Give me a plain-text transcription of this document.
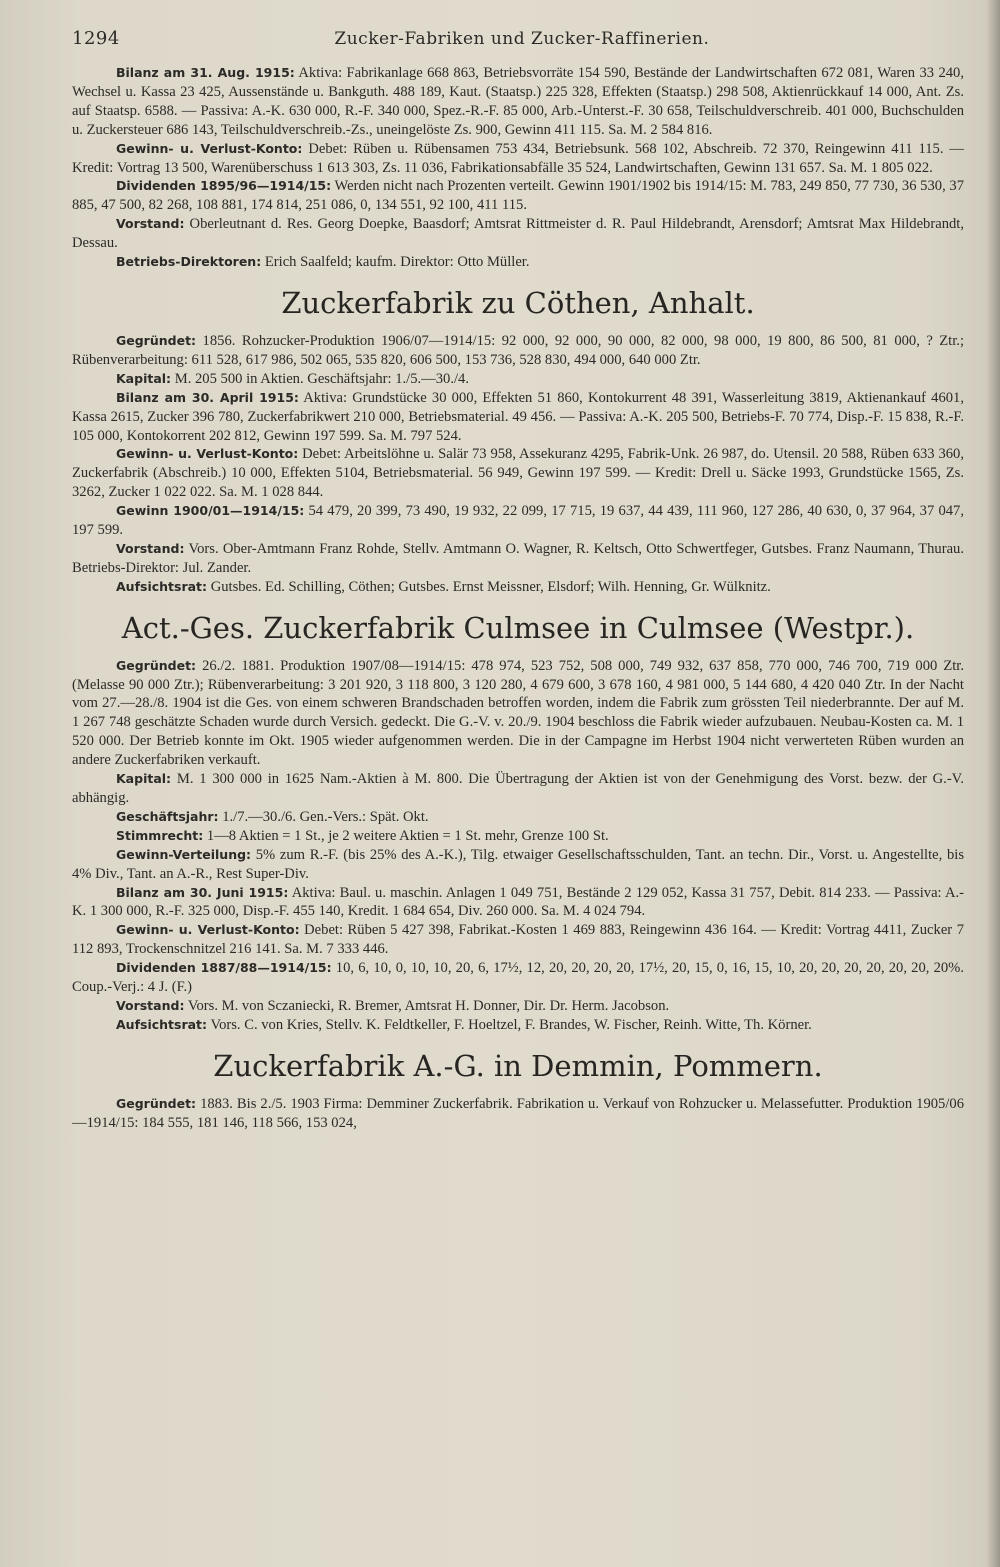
1294	Zucker-Fabriken und Zucker-Raffinerien.

Bilanz am 31. Aug. 1915: Aktiva: Fabrikanlage 668 863, Betriebsvorräte 154 590, Bestände der Landwirtschaften 672 081, Waren 33 240, Wechsel u. Kassa 23 425, Aussenstände u. Bankguth. 488 189, Kaut. (Staatsp.) 225 328, Effekten (Staatsp.) 298 508, Aktienrückkauf 14 000, Ant. Zs. auf Staatsp. 6588. — Passiva: A.-K. 630 000, R.-F. 340 000, Spez.-R.-F. 85 000, Arb.-Unterst.-F. 30 658, Teilschuldverschreib. 401 000, Buchschulden u. Zuckersteuer 686 143, Teilschuldverschreib.-Zs., uneingelöste Zs. 900, Gewinn 411 115. Sa. M. 2 584 816.

Gewinn- u. Verlust-Konto: Debet: Rüben u. Rübensamen 753 434, Betriebsunk. 568 102, Abschreib. 72 370, Reingewinn 411 115. — Kredit: Vortrag 13 500, Warenüberschuss 1 613 303, Zs. 11 036, Fabrikationsabfälle 35 524, Landwirtschaften, Gewinn 131 657. Sa. M. 1 805 022.

Dividenden 1895/96—1914/15: Werden nicht nach Prozenten verteilt. Gewinn 1901/1902 bis 1914/15: M. 783, 249 850, 77 730, 36 530, 37 885, 47 500, 82 268, 108 881, 174 814, 251 086, 0, 134 551, 92 100, 411 115.

Vorstand: Oberleutnant d. Res. Georg Doepke, Baasdorf; Amtsrat Rittmeister d. R. Paul Hildebrandt, Arensdorf; Amtsrat Max Hildebrandt, Dessau.

Betriebs-Direktoren: Erich Saalfeld; kaufm. Direktor: Otto Müller.

Zuckerfabrik zu Cöthen, Anhalt.

Gegründet: 1856. Rohzucker-Produktion 1906/07—1914/15: 92 000, 92 000, 90 000, 82 000, 98 000, 19 800, 86 500, 81 000, ? Ztr.; Rübenverarbeitung: 611 528, 617 986, 502 065, 535 820, 606 500, 153 736, 528 830, 494 000, 640 000 Ztr.

Kapital: M. 205 500 in Aktien. Geschäftsjahr: 1./5.—30./4.

Bilanz am 30. April 1915: Aktiva: Grundstücke 30 000, Effekten 51 860, Kontokurrent 48 391, Wasserleitung 3819, Aktienankauf 4601, Kassa 2615, Zucker 396 780, Zuckerfabrikwert 210 000, Betriebsmaterial. 49 456. — Passiva: A.-K. 205 500, Betriebs-F. 70 774, Disp.-F. 15 838, R.-F. 105 000, Kontokorrent 202 812, Gewinn 197 599. Sa. M. 797 524.

Gewinn- u. Verlust-Konto: Debet: Arbeitslöhne u. Salär 73 958, Assekuranz 4295, Fabrik-Unk. 26 987, do. Utensil. 20 588, Rüben 633 360, Zuckerfabrik (Abschreib.) 10 000, Effekten 5104, Betriebsmaterial. 56 949, Gewinn 197 599. — Kredit: Drell u. Säcke 1993, Grundstücke 1565, Zs. 3262, Zucker 1 022 022. Sa. M. 1 028 844.

Gewinn 1900/01—1914/15: 54 479, 20 399, 73 490, 19 932, 22 099, 17 715, 19 637, 44 439, 111 960, 127 286, 40 630, 0, 37 964, 37 047, 197 599.

Vorstand: Vors. Ober-Amtmann Franz Rohde, Stellv. Amtmann O. Wagner, R. Keltsch, Otto Schwertfeger, Gutsbes. Franz Naumann, Thurau. Betriebs-Direktor: Jul. Zander.

Aufsichtsrat: Gutsbes. Ed. Schilling, Cöthen; Gutsbes. Ernst Meissner, Elsdorf; Wilh. Henning, Gr. Wülknitz.

Act.-Ges. Zuckerfabrik Culmsee in Culmsee (Westpr.).

Gegründet: 26./2. 1881. Produktion 1907/08—1914/15: 478 974, 523 752, 508 000, 749 932, 637 858, 770 000, 746 700, 719 000 Ztr. (Melasse 90 000 Ztr.); Rübenverarbeitung: 3 201 920, 3 118 800, 3 120 280, 4 679 600, 3 678 160, 4 981 000, 5 144 680, 4 420 040 Ztr. In der Nacht vom 27.—28./8. 1904 ist die Ges. von einem schweren Brandschaden betroffen worden, indem die Fabrik zum grössten Teil niederbrannte. Der auf M. 1 267 748 geschätzte Schaden wurde durch Versich. gedeckt. Die G.-V. v. 20./9. 1904 beschloss die Fabrik wieder aufzubauen. Neubau-Kosten ca. M. 1 520 000. Der Betrieb konnte im Okt. 1905 wieder aufgenommen werden. Die in der Campagne im Herbst 1904 nicht verwerteten Rüben wurden an andere Zuckerfabriken verkauft.

Kapital: M. 1 300 000 in 1625 Nam.-Aktien à M. 800. Die Übertragung der Aktien ist von der Genehmigung des Vorst. bezw. der G.-V. abhängig.

Geschäftsjahr: 1./7.—30./6. Gen.-Vers.: Spät. Okt.

Stimmrecht: 1—8 Aktien = 1 St., je 2 weitere Aktien = 1 St. mehr, Grenze 100 St.

Gewinn-Verteilung: 5% zum R.-F. (bis 25% des A.-K.), Tilg. etwaiger Gesellschaftsschulden, Tant. an techn. Dir., Vorst. u. Angestellte, bis 4% Div., Tant. an A.-R., Rest Super-Div.

Bilanz am 30. Juni 1915: Aktiva: Baul. u. maschin. Anlagen 1 049 751, Bestände 2 129 052, Kassa 31 757, Debit. 814 233. — Passiva: A.-K. 1 300 000, R.-F. 325 000, Disp.-F. 455 140, Kredit. 1 684 654, Div. 260 000. Sa. M. 4 024 794.

Gewinn- u. Verlust-Konto: Debet: Rüben 5 427 398, Fabrikat.-Kosten 1 469 883, Reingewinn 436 164. — Kredit: Vortrag 4411, Zucker 7 112 893, Trockenschnitzel 216 141. Sa. M. 7 333 446.

Dividenden 1887/88—1914/15: 10, 6, 10, 0, 10, 10, 20, 6, 17½, 12, 20, 20, 20, 20, 17½, 20, 15, 0, 16, 15, 10, 20, 20, 20, 20, 20, 20, 20%. Coup.-Verj.: 4 J. (F.)

Vorstand: Vors. M. von Sczaniecki, R. Bremer, Amtsrat H. Donner, Dir. Dr. Herm. Jacobson.

Aufsichtsrat: Vors. C. von Kries, Stellv. K. Feldtkeller, F. Hoeltzel, F. Brandes, W. Fischer, Reinh. Witte, Th. Körner.

Zuckerfabrik A.-G. in Demmin, Pommern.

Gegründet: 1883. Bis 2./5. 1903 Firma: Demminer Zuckerfabrik. Fabrikation u. Verkauf von Rohzucker u. Melassefutter. Produktion 1905/06—1914/15: 184 555, 181 146, 118 566, 153 024,
